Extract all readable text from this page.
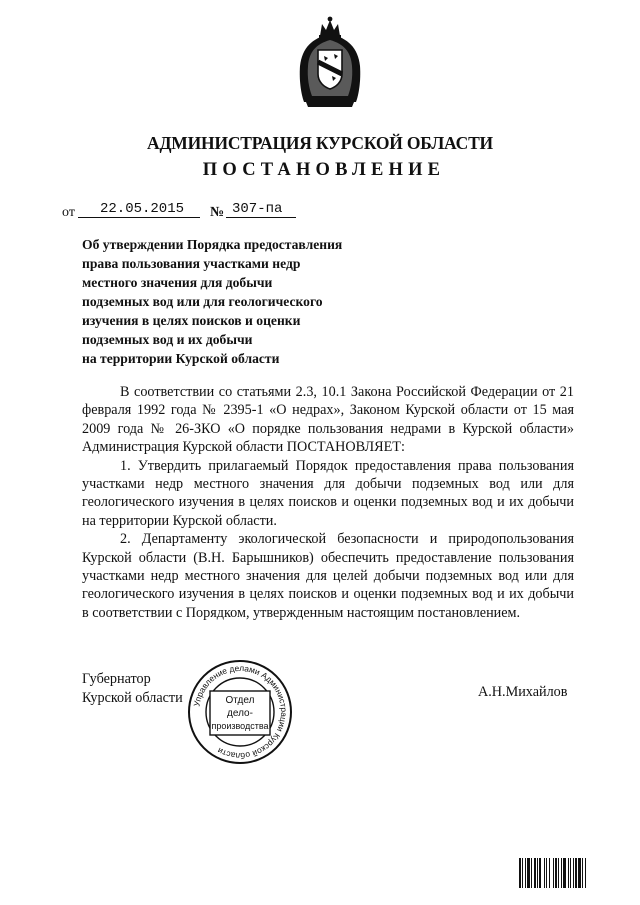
АДМИНИСТРАЦИЯ КУРСКОЙ ОБЛАСТИ
ПОСТАНОВЛЕНИЕ
от 22.05.2015 № 307-па
Об утверждении Порядка предоставления
права пользования участками недр
местного значения для добычи
подземных вод или для геологического
изучения в целях поисков и оценки
подземных вод и их добычи
на территории Курской области

В соответствии со статьями 2.3, 10.1 Закона Российской Федерации от 21 февраля 1992 года № 2395-1 «О недрах», Законом Курской области от 15 мая 2009 года № 26-ЗКО «О порядке пользования недрами в Курской области» Администрация Курской области ПОСТАНОВЛЯЕТ:

1. Утвердить прилагаемый Порядок предоставления права пользования участками недр местного значения для добычи подземных вод или для геологического изучения в целях поисков и оценки подземных вод и их добычи на территории Курской области.

2. Департаменту экологической безопасности и природопользования Курской области (В.Н. Барышников) обеспечить предоставление пользования участками недр местного значения для целей добычи подземных вод или для геологического изучения в целях поисков и оценки подземных вод и их добычи в соответствии с Порядком, утвержденным настоящим постановлением.

Губернатор
Курской области	А.Н.Михайлов
Управление делами Администрации Курской области
Отдел
дело-
производства
